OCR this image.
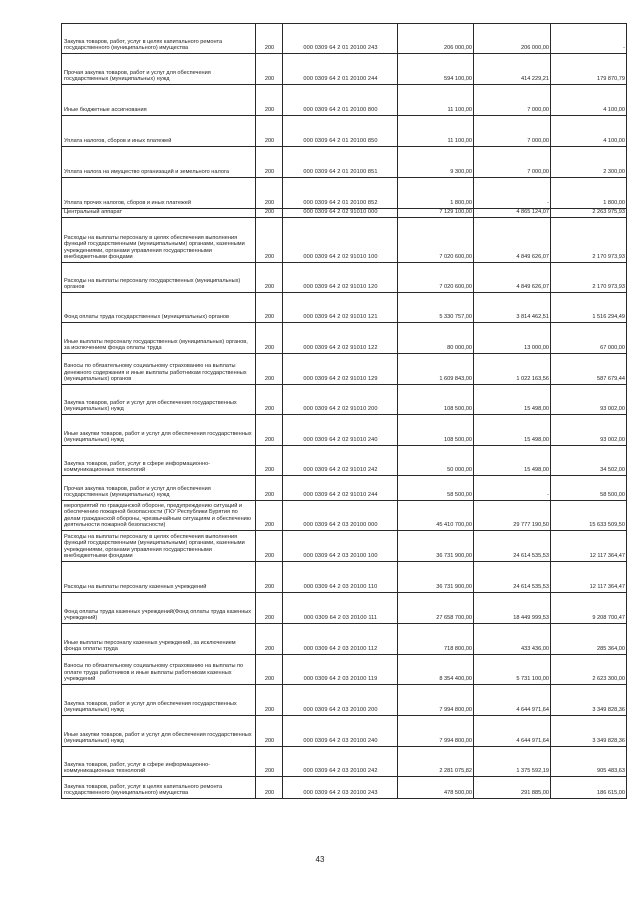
Закупка товаров, работ, услуг в целях капитального ремонта государственного (муниципального) имущества	200	000 0309 64 2 01 20100 243	206 000,00	206 000,00	-
Прочая закупка товаров, работ и услуг для обеспечения государственных (муниципальных) нужд	200	000 0309 64 2 01 20100 244	594 100,00	414 229,21	179 870,79
Иные бюджетные ассигнования	200	000 0309 64 2 01 20100 800	11 100,00	7 000,00	4 100,00
Уплата налогов, сборов и иных платежей	200	000 0309 64 2 01 20100 850	11 100,00	7 000,00	4 100,00
Уплата налога на имущество организаций и земельного налога	200	000 0309 64 2 01 20100 851	9 300,00	7 000,00	2 300,00
Уплата прочих налогов, сборов и иных платежей	200	000 0309 64 2 01 20100 852	1 800,00	-	1 800,00
Центральный аппарат	200	000 0309 64 2 02 91010 000	7 129 100,00	4 865 124,07	2 263 975,93
Расходы на выплаты персоналу в целях обеспечения выполнения функций государственными (муниципальными) органами, казенными учреждениями, органами управления государственными внебюджетными фондами	200	000 0309 64 2 02 91010 100	7 020 600,00	4 849 626,07	2 170 973,93
Расходы на выплаты персоналу государственных (муниципальных) органов	200	000 0309 64 2 02 91010 120	7 020 600,00	4 849 626,07	2 170 973,93
Фонд оплаты труда государственных (муниципальных) органов	200	000 0309 64 2 02 91010 121	5 330 757,00	3 814 462,51	1 516 294,49
Иные выплаты персоналу государственных (муниципальных) органов, за исключением фонда оплаты труда	200	000 0309 64 2 02 91010 122	80 000,00	13 000,00	67 000,00
Взносы по обязательному социальному страхованию на выплаты денежного содержания и иные выплаты работникам государственных (муниципальных) органов	200	000 0309 64 2 02 91010 129	1 609 843,00	1 022 163,56	587 679,44
Закупка товаров, работ и услуг для обеспечения государственных (муниципальных) нужд	200	000 0309 64 2 02 91010 200	108 500,00	15 498,00	93 002,00
Иные закупки товаров, работ и услуг для обеспечения государственных (муниципальных) нужд	200	000 0309 64 2 02 91010 240	108 500,00	15 498,00	93 002,00
Закупка товаров, работ, услуг в сфере информационно-коммуникационных технологий	200	000 0309 64 2 02 91010 242	50 000,00	15 498,00	34 502,00
Прочая закупка товаров, работ и услуг для обеспечения государственных (муниципальных) нужд	200	000 0309 64 2 02 91010 244	58 500,00	-	58 500,00
мероприятий по гражданской обороне, предупреждению ситуаций и обеспечению пожарной безопасности (ГКУ Республики Бурятия по делам гражданской обороны, чрезвычайным ситуациям и обеспечению деятельности пожарной безопасности)	200	000 0309 64 2 03 20100 000	45 410 700,00	29 777 190,50	15 633 509,50
Расходы на выплаты персоналу в целях обеспечения выполнения функций государственными (муниципальными) органами, казенными учреждениями, органами управления государственными внебюджетными фондами	200	000 0309 64 2 03 20100 100	36 731 900,00	24 614 535,53	12 117 364,47
Расходы на выплаты персоналу казенных учреждений	200	000 0309 64 2 03 20100 110	36 731 900,00	24 614 535,53	12 117 364,47
Фонд оплаты труда казенных учреждений(Фонд оплаты труда казенных учреждений)	200	000 0309 64 2 03 20100 111	27 658 700,00	18 449 999,53	9 208 700,47
Иные выплаты персоналу казенных учреждений, за исключением фонда оплаты труда	200	000 0309 64 2 03 20100 112	718 800,00	433 436,00	285 364,00
Взносы по обязательному социальному страхованию на выплаты по оплате труда работников и иные выплаты работникам казенных учреждений	200	000 0309 64 2 03 20100 119	8 354 400,00	5 731 100,00	2 623 300,00
Закупка товаров, работ и услуг для обеспечения государственных (муниципальных) нужд	200	000 0309 64 2 03 20100 200	7 994 800,00	4 644 971,64	3 349 828,36
Иные закупки товаров, работ и услуг для обеспечения государственных (муниципальных) нужд	200	000 0309 64 2 03 20100 240	7 994 800,00	4 644 971,64	3 349 828,36
Закупка товаров, работ, услуг в сфере информационно-коммуникационных технологий	200	000 0309 64 2 03 20100 242	2 281 075,82	1 375 592,19	905 483,63
Закупка товаров, работ, услуг в целях капитального ремонта государственного (муниципального) имущества	200	000 0309 64 2 03 20100 243	478 500,00	291 885,00	186 615,00
43
